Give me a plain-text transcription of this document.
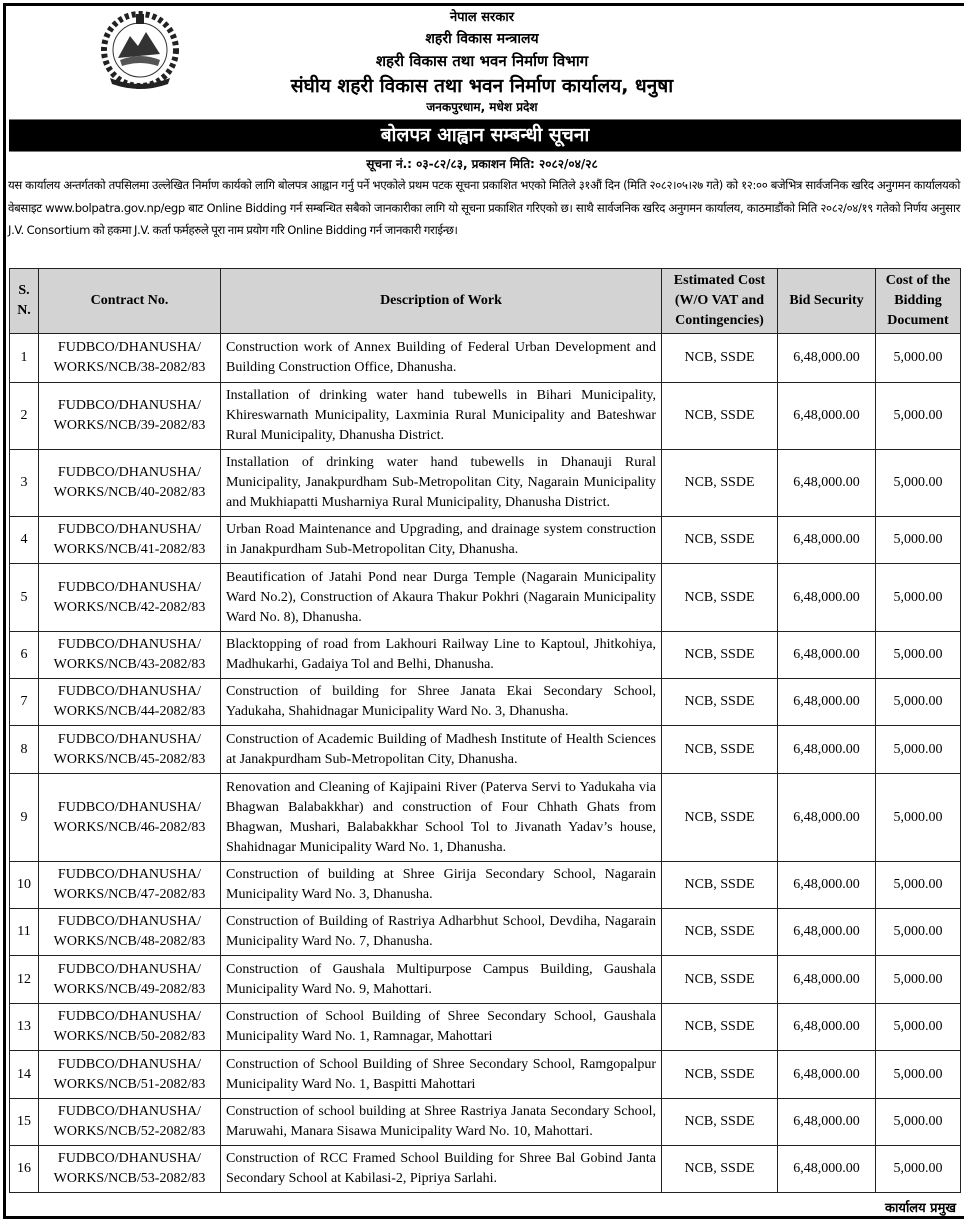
नेपाल सरकार
शहरी विकास मन्त्रालय
शहरी विकास तथा भवन निर्माण विभाग
संघीय शहरी विकास तथा भवन निर्माण कार्यालय, धनुषा
जनकपुरधाम, मधेश प्रदेश
बोलपत्र आह्वान सम्बन्धी सूचना
सूचना नं.: ०३-८२/८३, प्रकाशन मिति: २०८२/०४/२८
यस कार्यालय अन्तर्गतको तपसिलमा उल्लेखित निर्माण कार्यको लागि बोलपत्र आह्वान गर्नु पर्ने भएकोले प्रथम पटक सूचना प्रकाशित भएको मितिले ३१औं दिन (मिति २०८२।०५।२७ गते) को १२:०० बजेभित्र सार्वजनिक खरिद अनुगमन कार्यालयको वेबसाइट www.bolpatra.gov.np/egp बाट Online Bidding गर्न सम्बन्धित सबैको जानकारीका लागि यो सूचना प्रकाशित गरिएको छ। साथै सार्वजनिक खरिद अनुगमन कार्यालय, काठमाडौंको मिति २०८२/०४/१९ गतेको निर्णय अनुसार J.V. Consortium को हकमा J.V. कर्ता फर्महरुले पूरा नाम प्रयोग गरि Online Bidding गर्न जानकारी गराईन्छ।
S. N.	Contract No.	Description of Work	Estimated Cost (W/O VAT and Contingencies)	Bid Security	Cost of the Bidding Document
1	FUDBCO/DHANUSHA/ WORKS/NCB/38-2082/83	Construction work of Annex Building of Federal Urban Development and Building Construction Office, Dhanusha.	NCB, SSDE	6,48,000.00	5,000.00
2	FUDBCO/DHANUSHA/ WORKS/NCB/39-2082/83	Installation of drinking water hand tubewells in Bihari Municipality, Khireswarnath Municipality, Laxminia Rural Municipality and Bateshwar Rural Municipality, Dhanusha District.	NCB, SSDE	6,48,000.00	5,000.00
3	FUDBCO/DHANUSHA/ WORKS/NCB/40-2082/83	Installation of drinking water hand tubewells in Dhanauji Rural Municipality, Janakpurdham Sub-Metropolitan City, Nagarain Municipality and Mukhiapatti Musharniya Rural Municipality, Dhanusha District.	NCB, SSDE	6,48,000.00	5,000.00
4	FUDBCO/DHANUSHA/ WORKS/NCB/41-2082/83	Urban Road Maintenance and Upgrading, and drainage system construction in Janakpurdham Sub-Metropolitan City, Dhanusha.	NCB, SSDE	6,48,000.00	5,000.00
5	FUDBCO/DHANUSHA/ WORKS/NCB/42-2082/83	Beautification of Jatahi Pond near Durga Temple (Nagarain Municipality Ward No.2), Construction of Akaura Thakur Pokhri (Nagarain Municipality Ward No. 8), Dhanusha.	NCB, SSDE	6,48,000.00	5,000.00
6	FUDBCO/DHANUSHA/ WORKS/NCB/43-2082/83	Blacktopping of road from Lakhouri Railway Line to Kaptoul, Jhitkohiya, Madhukarhi, Gadaiya Tol and Belhi, Dhanusha.	NCB, SSDE	6,48,000.00	5,000.00
7	FUDBCO/DHANUSHA/ WORKS/NCB/44-2082/83	Construction of building for Shree Janata Ekai Secondary School, Yadukaha, Shahidnagar Municipality Ward No. 3, Dhanusha.	NCB, SSDE	6,48,000.00	5,000.00
8	FUDBCO/DHANUSHA/ WORKS/NCB/45-2082/83	Construction of Academic Building of Madhesh Institute of Health Sciences at Janakpurdham Sub-Metropolitan City, Dhanusha.	NCB, SSDE	6,48,000.00	5,000.00
9	FUDBCO/DHANUSHA/ WORKS/NCB/46-2082/83	Renovation and Cleaning of Kajipaini River (Paterva Servi to Yadukaha via Bhagwan Balabakkhar) and construction of Four Chhath Ghats from Bhagwan, Mushari, Balabakkhar School Tol to Jivanath Yadav’s house, Shahidnagar Municipality Ward No. 1, Dhanusha.	NCB, SSDE	6,48,000.00	5,000.00
10	FUDBCO/DHANUSHA/ WORKS/NCB/47-2082/83	Construction of building at Shree Girija Secondary School, Nagarain Municipality Ward No. 3, Dhanusha.	NCB, SSDE	6,48,000.00	5,000.00
11	FUDBCO/DHANUSHA/ WORKS/NCB/48-2082/83	Construction of Building of Rastriya Adharbhut School, Devdiha, Nagarain Municipality Ward No. 7, Dhanusha.	NCB, SSDE	6,48,000.00	5,000.00
12	FUDBCO/DHANUSHA/ WORKS/NCB/49-2082/83	Construction of Gaushala Multipurpose Campus Building, Gaushala Municipality Ward No. 9, Mahottari.	NCB, SSDE	6,48,000.00	5,000.00
13	FUDBCO/DHANUSHA/ WORKS/NCB/50-2082/83	Construction of School Building of Shree Secondary School, Gaushala Municipality Ward No. 1, Ramnagar, Mahottari	NCB, SSDE	6,48,000.00	5,000.00
14	FUDBCO/DHANUSHA/ WORKS/NCB/51-2082/83	Construction of School Building of Shree Secondary School, Ramgopalpur Municipality Ward No. 1, Baspitti Mahottari	NCB, SSDE	6,48,000.00	5,000.00
15	FUDBCO/DHANUSHA/ WORKS/NCB/52-2082/83	Construction of school building at Shree Rastriya Janata Secondary School, Maruwahi, Manara Sisawa Municipality Ward No. 10, Mahottari.	NCB, SSDE	6,48,000.00	5,000.00
16	FUDBCO/DHANUSHA/ WORKS/NCB/53-2082/83	Construction of RCC Framed School Building for Shree Bal Gobind Janta Secondary School at Kabilasi-2, Pipriya Sarlahi.	NCB, SSDE	6,48,000.00	5,000.00
कार्यालय प्रमुख
